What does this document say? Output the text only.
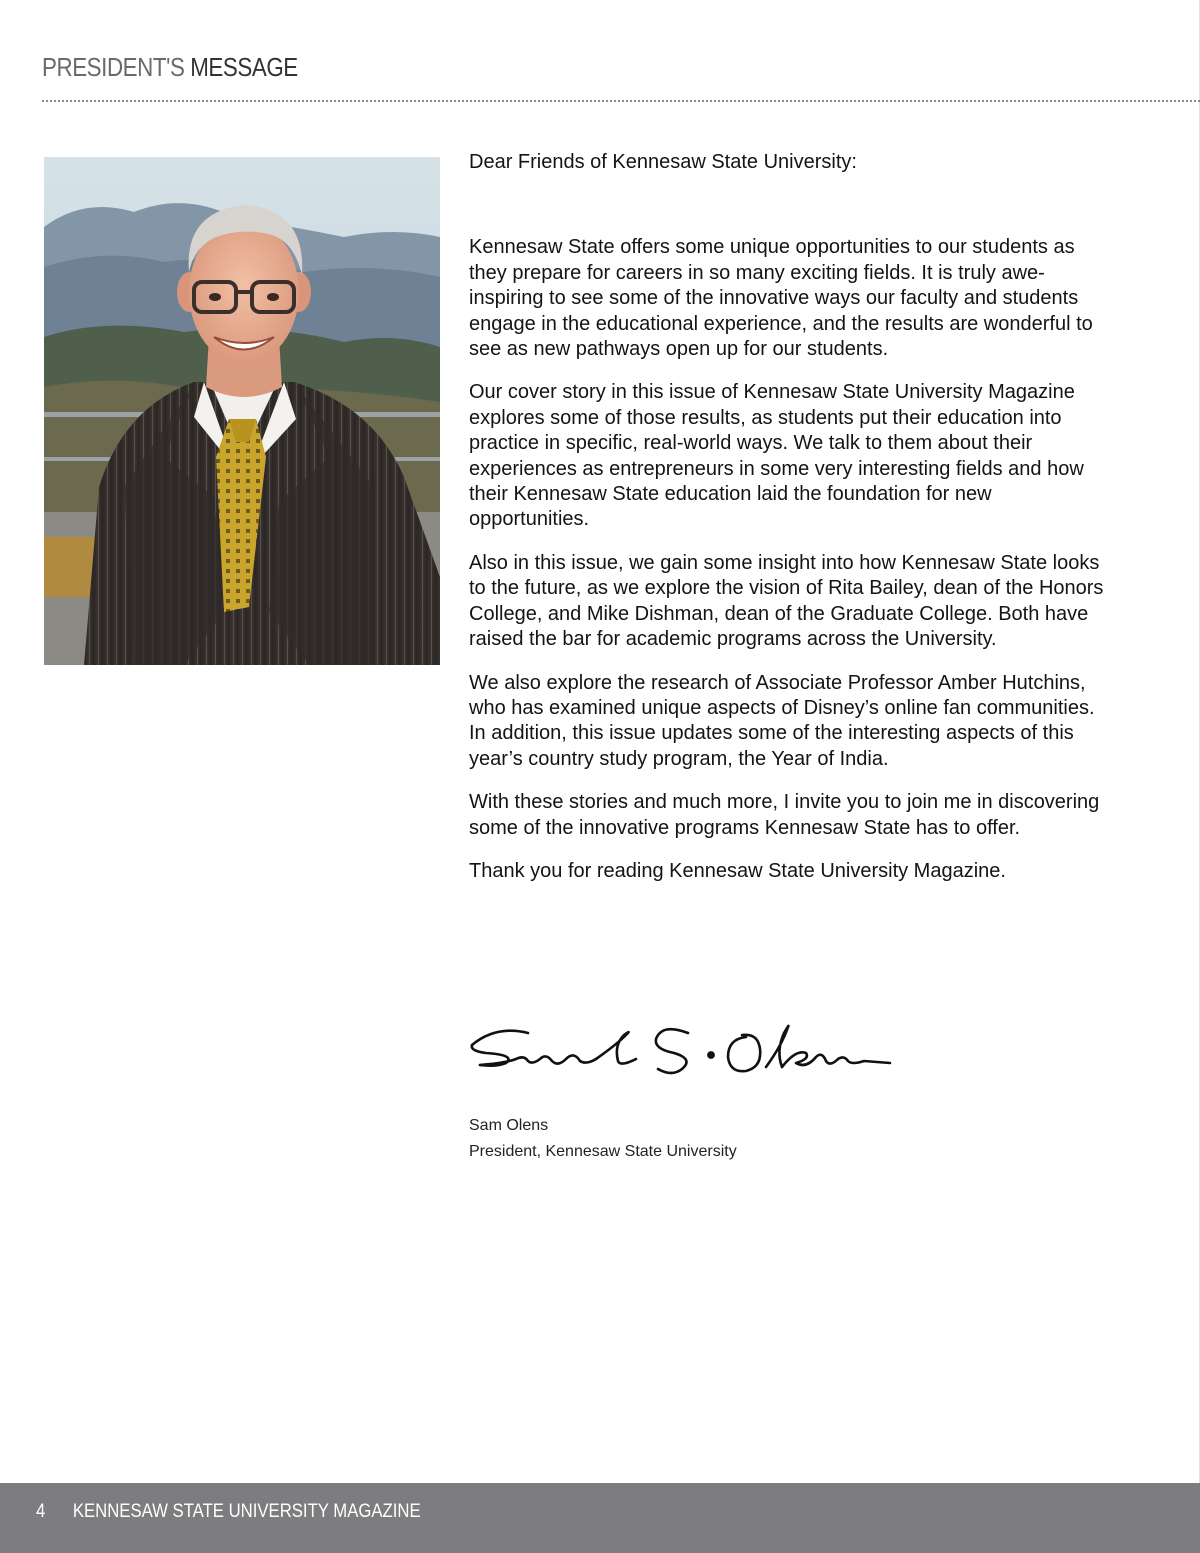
PRESIDENT'S MESSAGE

Dear Friends of Kennesaw State University:

Kennesaw State offers some unique opportunities to our students as they prepare for careers in so many exciting fields. It is truly awe-inspiring to see some of the innovative ways our faculty and students engage in the educational experience, and the results are wonderful to see as new pathways open up for our students.

Our cover story in this issue of Kennesaw State University Magazine explores some of those results, as students put their education into practice in specific, real-world ways. We talk to them about their experiences as entrepreneurs in some very interesting fields and how their Kennesaw State education laid the foundation for new opportunities.

Also in this issue, we gain some insight into how Kennesaw State looks to the future, as we explore the vision of Rita Bailey, dean of the Honors College, and Mike Dishman, dean of the Graduate College. Both have raised the bar for academic programs across the University.

We also explore the research of Associate Professor Amber Hutchins, who has examined unique aspects of Disney’s online fan communities. In addition, this issue updates some of the interesting aspects of this year’s country study program, the Year of India.

With these stories and much more, I invite you to join me in discovering some of the innovative programs Kennesaw State has to offer.

Thank you for reading Kennesaw State University Magazine.

Sam Olens
President, Kennesaw State University
4 KENNESAW STATE UNIVERSITY MAGAZINE
